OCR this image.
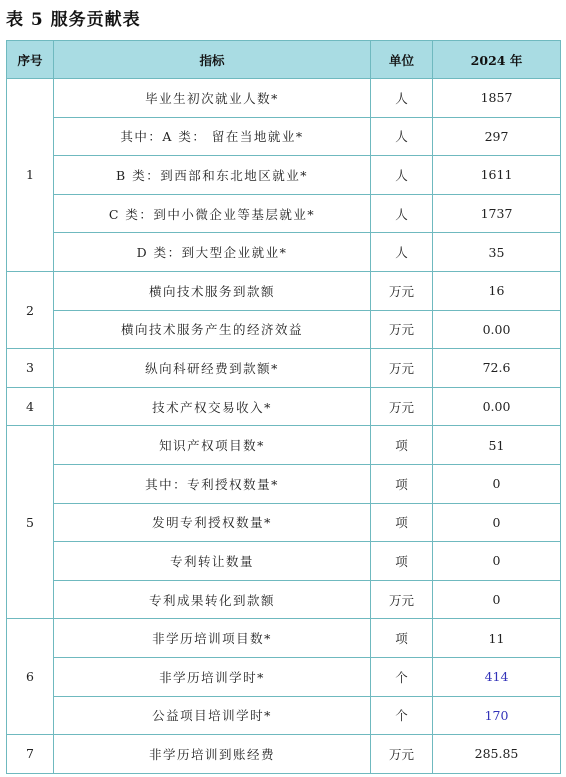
表 5 服务贡献表
序号	指标	单位	2024 年
1	毕业生初次就业人数*	人	1857
	其中：A 类： 留在当地就业*	人	297
	B 类：到西部和东北地区就业*	人	1611
	C 类：到中小微企业等基层就业*	人	1737
	D 类：到大型企业就业*	人	35
2	横向技术服务到款额	万元	16
	横向技术服务产生的经济效益	万元	0.00
3	纵向科研经费到款额*	万元	72.6
4	技术产权交易收入*	万元	0.00
5	知识产权项目数*	项	51
	其中：专利授权数量*	项	0
	发明专利授权数量*	项	0
	专利转让数量	项	0
	专利成果转化到款额	万元	0
6	非学历培训项目数*	项	11
	非学历培训学时*	个	414
	公益项目培训学时*	个	170
7	非学历培训到账经费	万元	285.85
